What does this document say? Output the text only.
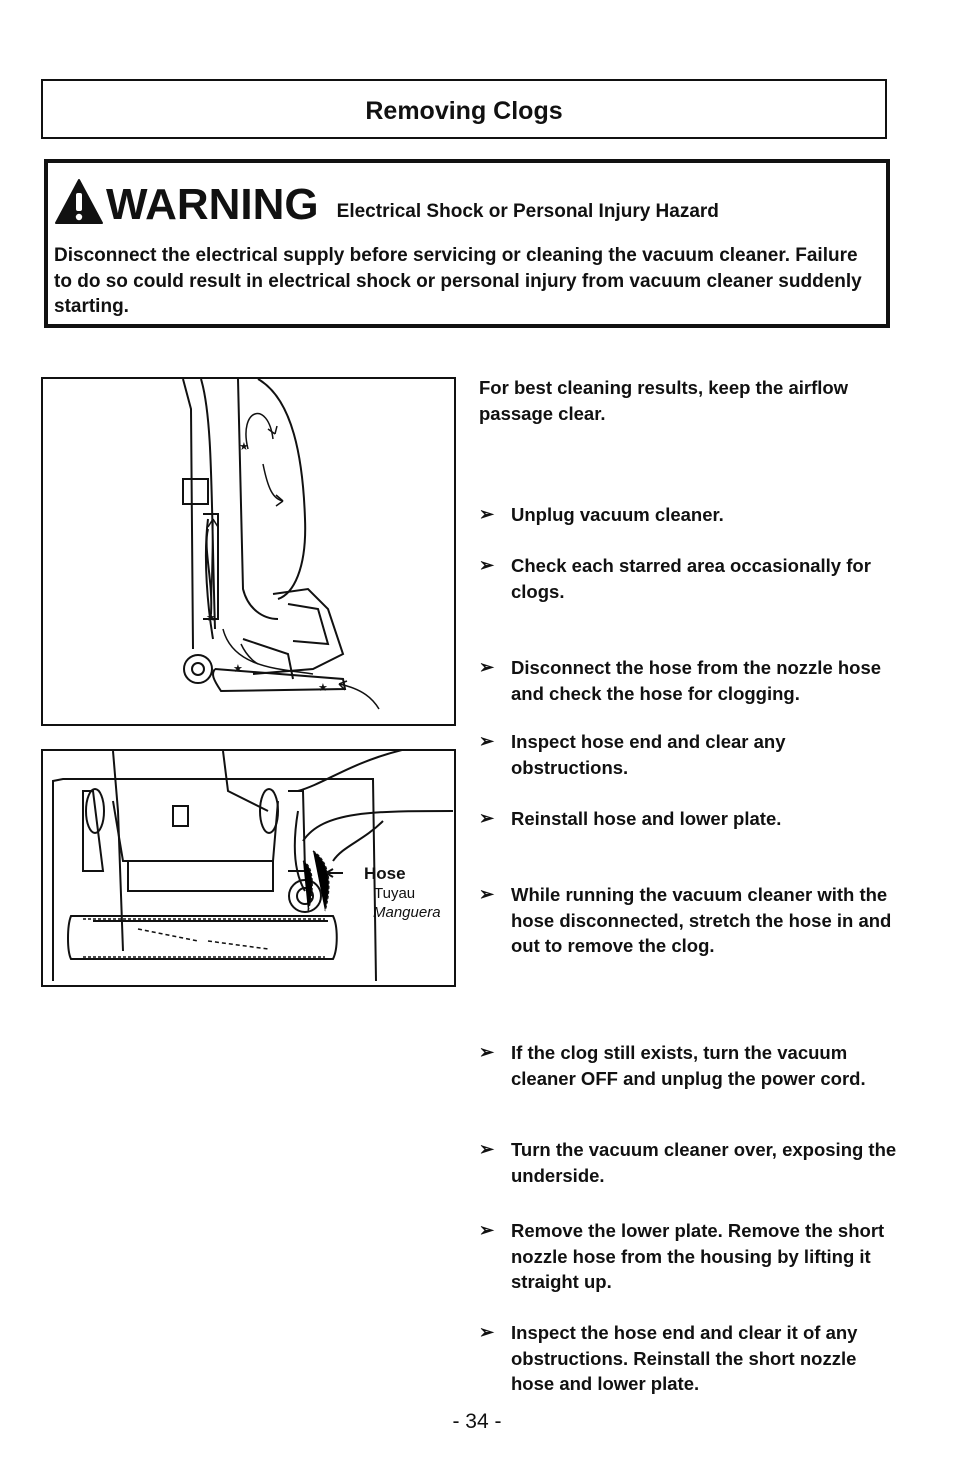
Removing Clogs
WARNING Electrical Shock or Personal Injury Hazard
Disconnect the electrical supply before servicing or cleaning the vacuum cleaner. Failure to do so could result in electrical shock or personal injury from vacuum cleaner suddenly starting.
★
★
★
★
Hose
Tuyau
Manguera
For best cleaning results, keep the airflow passage clear.
➢ Unplug vacuum cleaner.
➢ Check each starred area occasionally for clogs.
➢ Disconnect the hose from the nozzle hose and check the hose for clogging.
➢ Inspect hose end and clear any obstructions.
➢ Reinstall hose and lower plate.
➢ While running the vacuum cleaner with the hose disconnected, stretch the hose in and out to remove the clog.
➢ If the clog still exists, turn the vacuum cleaner OFF and unplug the power cord.
➢ Turn the vacuum cleaner over, exposing the underside.
➢ Remove the lower plate. Remove the short nozzle hose from the housing by lifting it straight up.
➢ Inspect the hose end and clear it of any obstructions. Reinstall the short nozzle hose and lower plate.
- 34 -
